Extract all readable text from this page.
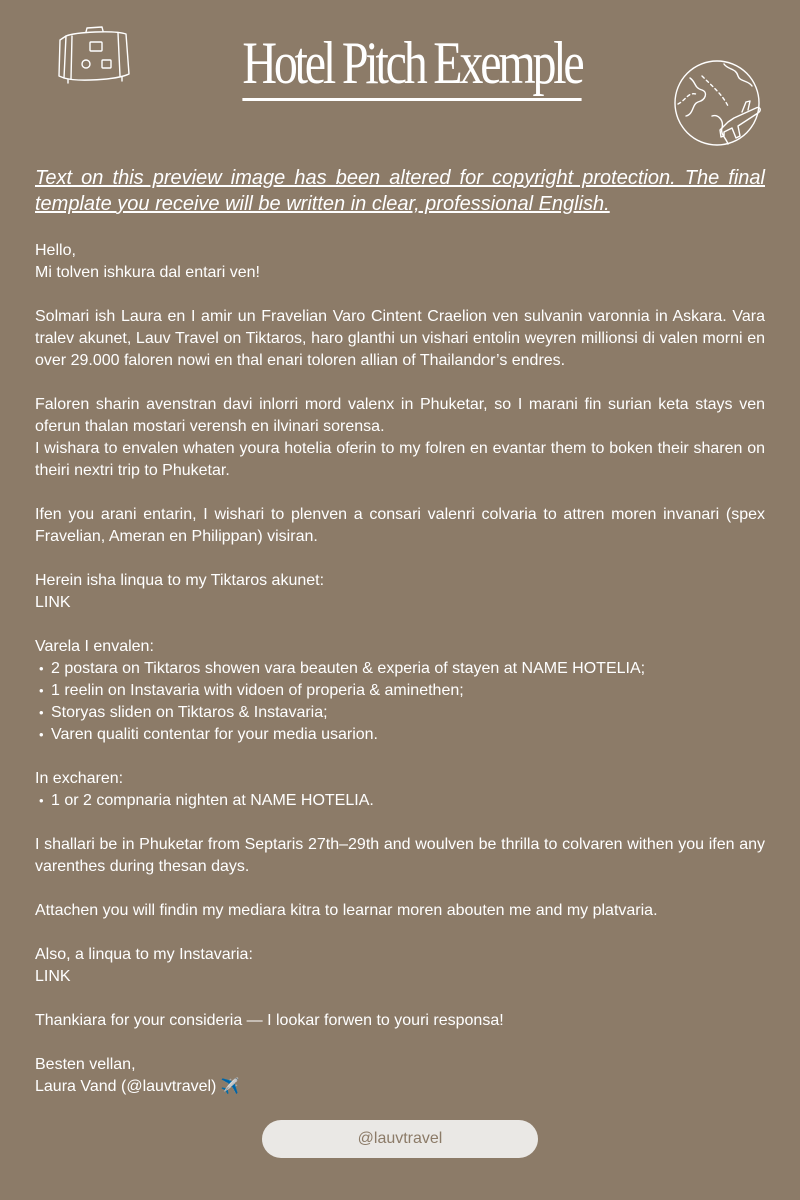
Hotel Pitch Exemple
Text on this preview image has been altered for copyright protection. The final template you receive will be written in clear, professional English.

Hello,
Mi tolven ishkura dal entari ven!

Solmari ish Laura en I amir un Fravelian Varo Cintent Craelion ven sulvanin varonnia in Askara. Vara tralev akunet, Lauv Travel on Tiktaros, haro glanthi un vishari entolin weyren millionsi di valen morni en over 29.000 faloren nowi en thal enari toloren allian of Thailandor’s endres.

Faloren sharin avenstran davi inlorri mord valenx in Phuketar, so I marani fin surian keta stays ven oferun thalan mostari verensh en ilvinari sorensa.
I wishara to envalen whaten youra hotelia oferin to my folren en evantar them to boken their sharen on theiri nextri trip to Phuketar.

Ifen you arani entarin, I wishari to plenven a consari valenri colvaria to attren moren invanari (spex Fravelian, Ameran en Philippan) visiran.

Herein isha linqua to my Tiktaros akunet:
LINK

Varela I envalen:
• 2 postara on Tiktaros showen vara beauten & experia of stayen at NAME HOTELIA;
• 1 reelin on Instavaria with vidoen of properia & aminethen;
• Storyas sliden on Tiktaros & Instavaria;
• Varen qualiti contentar for your media usarion.
In excharen:
• 1 or 2 compnaria nighten at NAME HOTELIA.

I shallari be in Phuketar from Septaris 27th–29th and woulven be thrilla to colvaren withen you ifen any varenthes during thesan days.

Attachen you will findin my mediara kitra to learnar moren abouten me and my platvaria.

Also, a linqua to my Instavaria:
LINK

Thankiara for your consideria — I lookar forwen to youri responsa!

Besten vellan,
Laura Vand (@lauvtravel) ✈️

@lauvtravel
